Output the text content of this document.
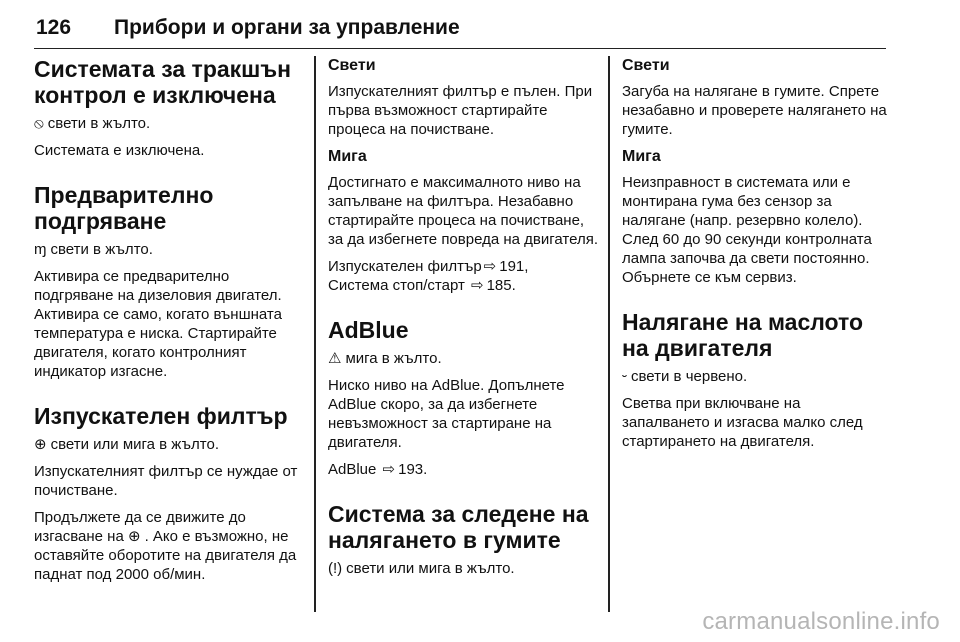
126 Прибори и органи за управление
Системата за тракшън контрол е изключена

⦸ свети в жълто.

Системата е изключена.

Предварително подгряване

ɱ свети в жълто.

Активира се предварително подгряване на дизеловия двигател. Активира се само, когато външната температура е ниска. Стартирайте двигателя, когато контролният индикатор изгасне.

Изпускателен филтър

⊕ свети или мига в жълто.

Изпускателният филтър се нуждае от почистване.

Продължете да се движите до изгасване на ⊕ . Ако е възможно, не оставяйте оборотите на двигателя да паднат под 2000 об/мин.

Свети

Изпускателният филтър е пълен. При първа възможност стартирайте процеса на почистване.

Мига

Достигнато е максималното ниво на запълване на филтъра. Незабавно стартирайте процеса на почистване, за да избегнете повреда на двигателя.

Изпускателен филтър ⇨ 191,
Система стоп/старт ⇨ 185.

AdBlue

⚠ мига в жълто.

Ниско ниво на AdBlue. Допълнете AdBlue скоро, за да избегнете невъзможност за стартиране на двигателя.

AdBlue ⇨ 193.

Система за следене на налягането в гумите

(!) свети или мига в жълто.

Свети

Загуба на налягане в гумите. Спрете незабавно и проверете налягането на гумите.

Мига

Неизправност в системата или е монтирана гума без сензор за налягане (напр. резервно колело). След 60 до 90 секунди контролната лампа започва да свети постоянно. Обърнете се към сервиз.

Налягане на маслото на двигателя

⏑ свети в червено.

Светва при включване на запалването и изгасва малко след стартирането на двигателя.

carmanualsonline.info
